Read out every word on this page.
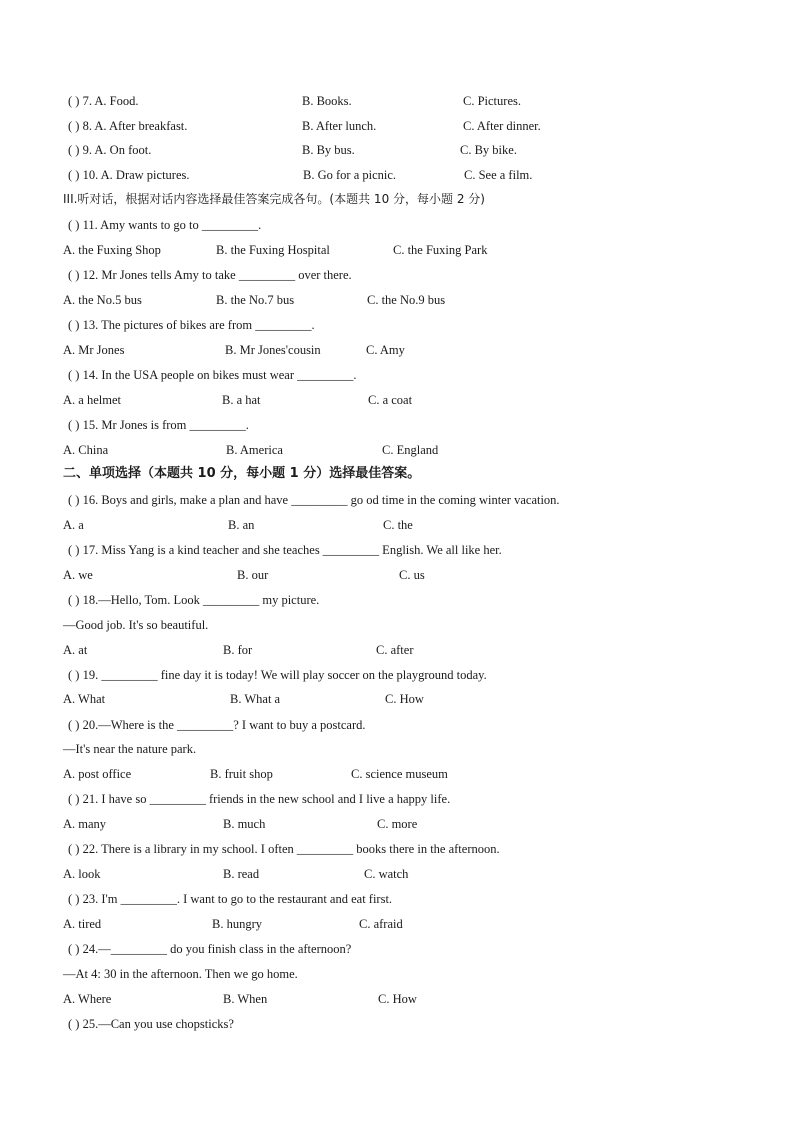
( ) 7. A. Food.	B. Books.	C. Pictures.
( ) 8. A. After breakfast.	B. After lunch.	C. After dinner.
( ) 9. A. On foot.	B. By bus.	C. By bike.
( ) 10. A. Draw pictures.	B. Go for a picnic.	C. See a film.
III.听对话，根据对话内容选择最佳答案完成各句。(本题共 10 分，每小题 2 分)
( ) 11. Amy wants to go to _________.
A. the Fuxing Shop	B. the Fuxing Hospital	C. the Fuxing Park
( ) 12. Mr Jones tells Amy to take _________ over there.
A. the No.5 bus	B. the No.7 bus	C. the No.9 bus
( ) 13. The pictures of bikes are from _________.
A. Mr Jones	B. Mr Jones'cousin	C. Amy
( ) 14. In the USA people on bikes must wear _________.
A. a helmet	B. a hat	C. a coat
( ) 15. Mr Jones is from _________.
A. China	B. America	C. England
二、单项选择（本题共 10 分，每小题 1 分）选择最佳答案。
( ) 16. Boys and girls, make a plan and have _________ go od time in the coming winter vacation.
A. a	B. an	C. the
( ) 17. Miss Yang is a kind teacher and she teaches _________ English. We all like her.
A. we	B. our	C. us
( ) 18.—Hello, Tom. Look _________ my picture.
—Good job. It's so beautiful.
A. at	B. for	C. after
( ) 19. _________ fine day it is today! We will play soccer on the playground today.
A. What	B. What a	C. How
( ) 20.—Where is the _________? I want to buy a postcard.
—It's near the nature park.
A. post office	B. fruit shop	C. science museum
( ) 21. I have so _________ friends in the new school and I live a happy life.
A. many	B. much	C. more
( ) 22. There is a library in my school. I often _________ books there in the afternoon.
A. look	B. read	C. watch
( ) 23. I'm _________. I want to go to the restaurant and eat first.
A. tired	B. hungry	C. afraid
( ) 24.—_________ do you finish class in the afternoon?
—At 4: 30 in the afternoon. Then we go home.
A. Where	B. When	C. How
( ) 25.—Can you use chopsticks?
